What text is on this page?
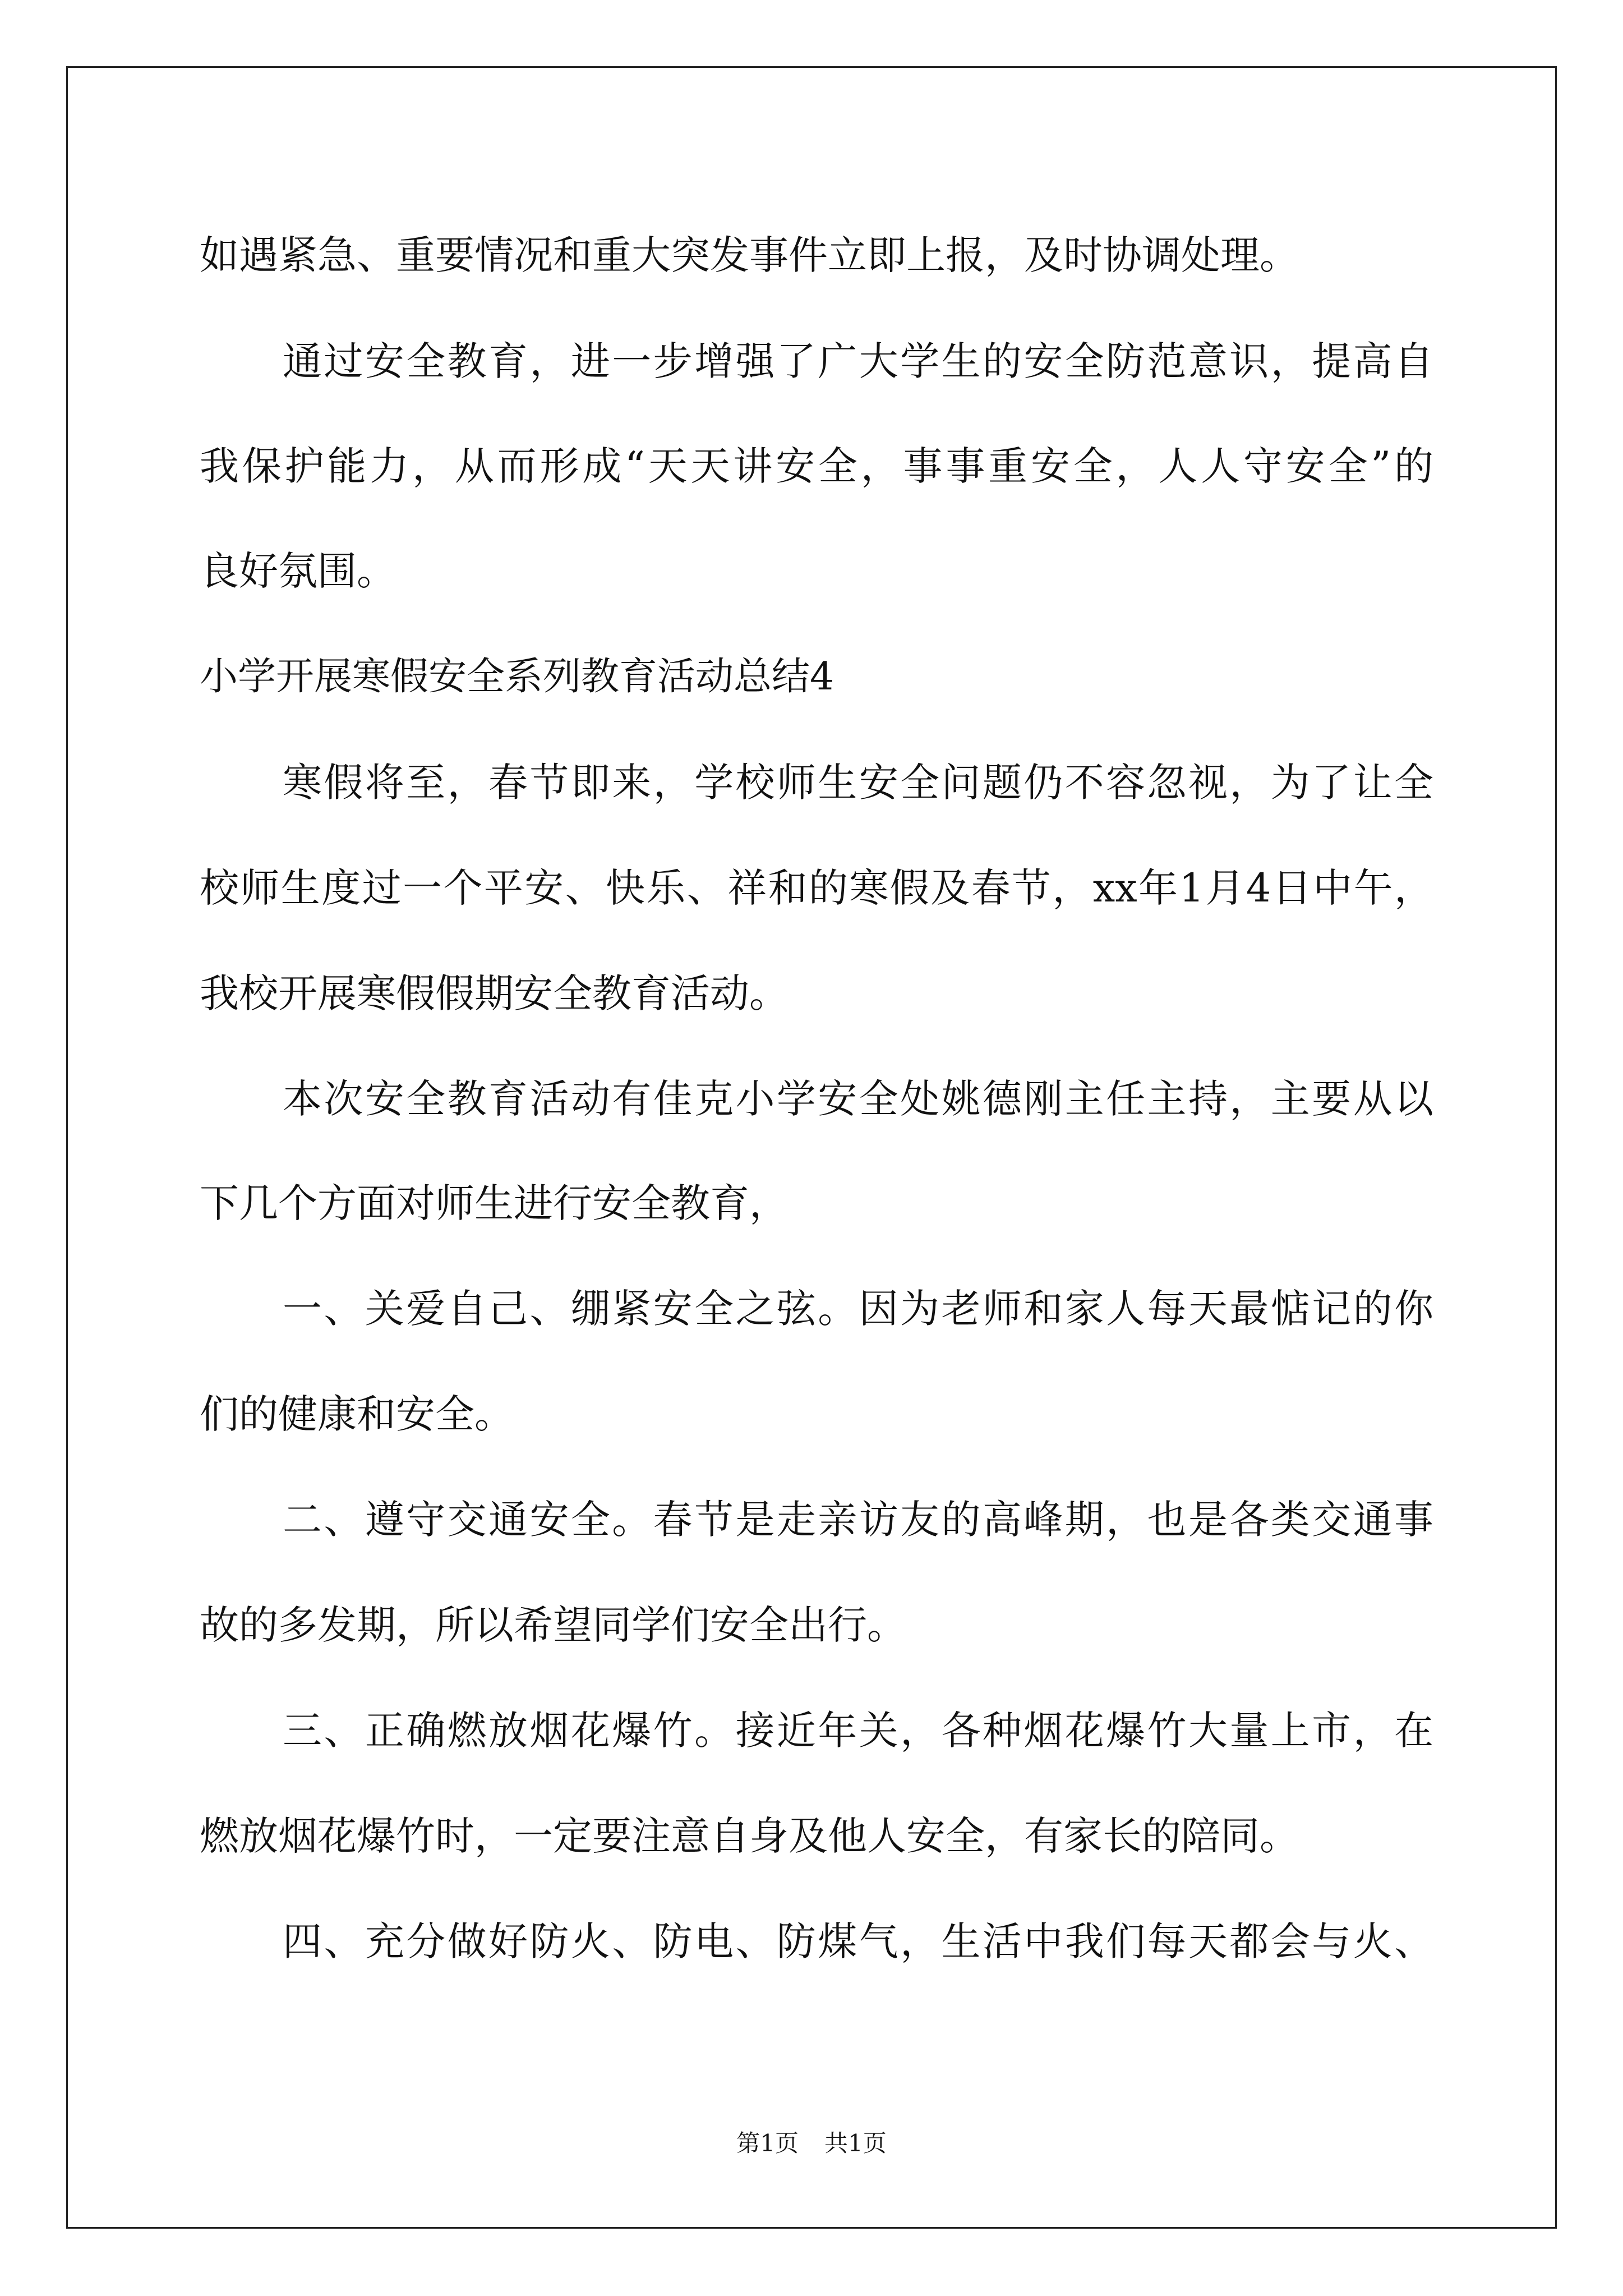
如遇紧急、重要情况和重大突发事件立即上报，及时协调处理。
通过安全教育，进一步增强了广大学生的安全防范意识，提高自
我保护能力，从而形成“天天讲安全，事事重安全，人人守安全”的
良好氛围。
小学开展寒假安全系列教育活动总结4
寒假将至，春节即来，学校师生安全问题仍不容忽视，为了让全
校师生度过一个平安、快乐、祥和的寒假及春节，xx年1月4日中午，
我校开展寒假假期安全教育活动。
本次安全教育活动有佳克小学安全处姚德刚主任主持，主要从以
下几个方面对师生进行安全教育，
一、关爱自己、绷紧安全之弦。因为老师和家人每天最惦记的你
们的健康和安全。
二、遵守交通安全。春节是走亲访友的高峰期，也是各类交通事
故的多发期，所以希望同学们安全出行。
三、正确燃放烟花爆竹。接近年关，各种烟花爆竹大量上市，在
燃放烟花爆竹时，一定要注意自身及他人安全，有家长的陪同。
四、充分做好防火、防电、防煤气，生活中我们每天都会与火、
第1页 共1页
